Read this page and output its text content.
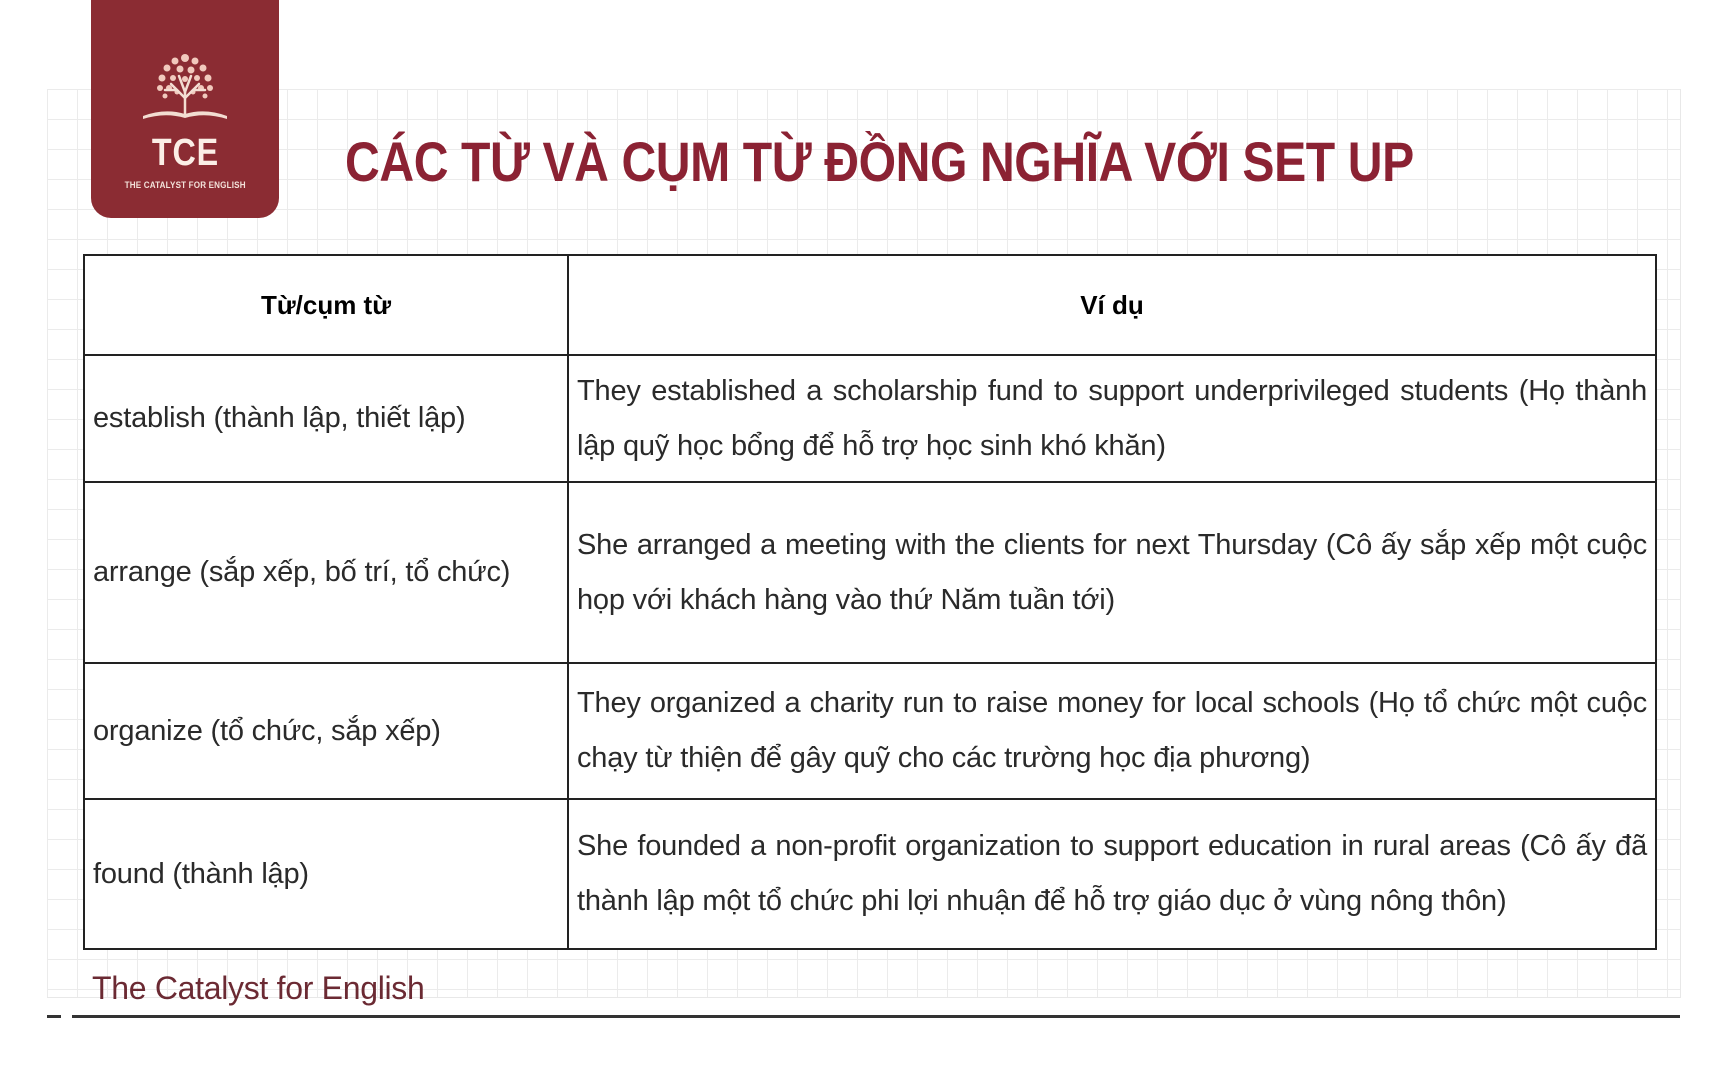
TCE
THE CATALYST FOR ENGLISH CÁC TỪ VÀ CỤM TỪ ĐỒNG NGHĨA VỚI SET UP
Từ/cụm từ	Ví dụ
establish (thành lập, thiết lập)	They established a scholarship fund to support underprivileged students (Họ thành lập quỹ học bổng để hỗ trợ học sinh khó khăn)
arrange (sắp xếp, bố trí, tổ chức)	She arranged a meeting with the clients for next Thursday (Cô ấy sắp xếp một cuộc họp với khách hàng vào thứ Năm tuần tới)
organize (tổ chức, sắp xếp)	They organized a charity run to raise money for local schools (Họ tổ chức một cuộc chạy từ thiện để gây quỹ cho các trường học địa phương)
found (thành lập)	She founded a non-profit organization to support education in rural areas (Cô ấy đã thành lập một tổ chức phi lợi nhuận để hỗ trợ giáo dục ở vùng nông thôn)
The Catalyst for English
